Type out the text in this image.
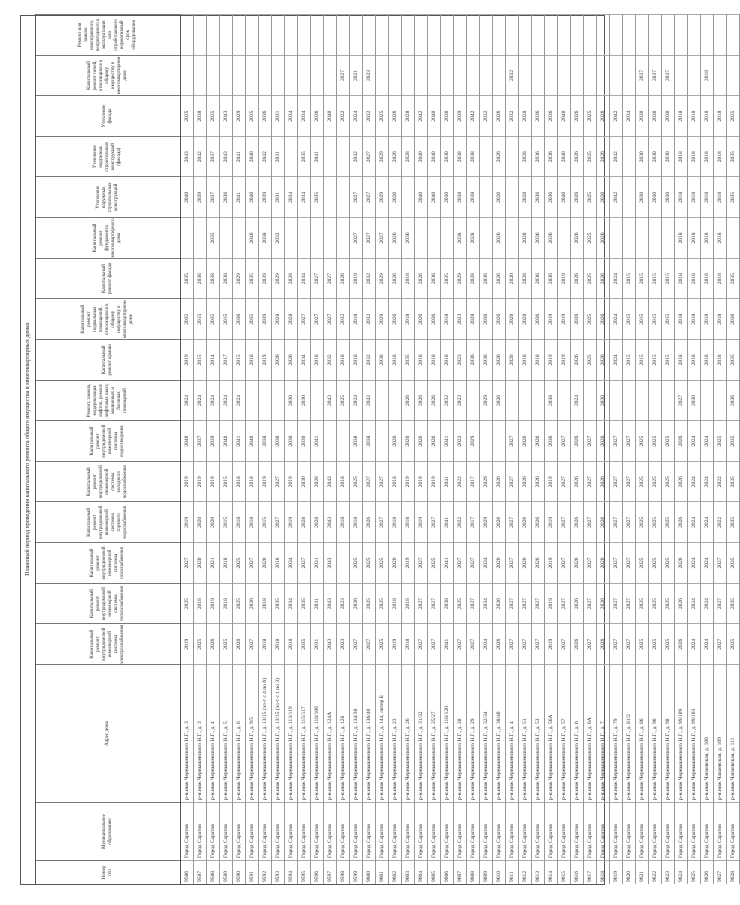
Плановый период проведения капитального ремонта общего имущества в многоквартирных домах
Номер п/п
Муниципальное образование
Адрес дома
Капитальный ремонт внутридомовой инженерной системы электроснабжения
Капитальный ремонт внутридомовой инженерной системы теплоснабжения
Капитальный ремонт внутридомовой инженерной системы газоснабжения
Капитальный ремонт внутридомовой инженерной системы горячего водоснабжения
Капитальный ремонт внутридомовой инженерной системы холодного водоснабжения
Капитальный ремонт внутридомовой инженерной системы водоотведения
Ремонт, замена, модернизация лифтов, ремонт лифтовых шахт, машинных и блочных помещений
Капитальный ремонт крыши
Капитальный ремонт подвальных помещений, относящихся к общему имуществу в многоквартирном доме
Капитальный ремонт фасада
Капитальный ремонт фундамента многоквартирного дома
Утепление наружных строительных конструкций
Утепление наружных строительных конструкций (фасада)
Утепление фасада
Капитальный ремонт печей, относящихся к общему имуществу в многоквартирном доме
Ремонт или замена неисправного, непригодного к эксплуатации или отработавшего нормативный срок оборудования
9586
Город Саратов
р-н.ниж Чернышевского Н.Г., д. 3
2019
2025
2027
2019
2019
2040
2024
2019
2035
2035
2040
2043
2035
9587
Город Саратов
р-н.ниж Чернышевского Н.Г., д. 3
2025
2018
2020
2020
2019
2037
2024
2015
2015
2036
2039
2042
2038
9588
Город Саратов
р-н.ниж Чернышевского Н.Г., д. 4
2026
2019
2021
2020
2019
2039
2024
2014
2035
2038
2035
2037
2037
2035
9589
Город Саратов
р-н.ниж Чернышевского Н.Г., д. 5
2025
2018
2018
2015
2015
2040
2024
2017
2015
2038
2036
2043
2043
9590
Город Саратов
р-н.ниж Чернышевского Н.Г., д. 6
2020
2025
2025
2018
2018
2041
2024
2015
2036
2029
2041
2041
2029
9591
Город Саратов
р-н.ниж Чернышевского Н.Г., д. 9/5
2027
2026
2027
2018
2018
2040
2018
2035
2035
2040
2040
2040
2035
9592
Город Саратов
р-н.ниж Чернышевского Н.Г., д. 13/15 (эл-т с 4 по 6)
2018
2018
2020
2015
2019
2038
2019
2039
2039
2038
2039
2042
2036
9593
Город Саратов
р-н.ниж Чернышевского Н.Г., д. 13/15 (эл-т с 1 по 3)
2018
2035
2018
2027
2027
2030
2026
2028
2029
2032
2031
2031
2031
9594
Город Саратов
р-н.ниж Чернышевского Н.Г., д. 113/119
2018
2034
2034
2019
2019
2030
2030
2026
2028
2028
2034
2034
9595
Город Саратов
р-н.ниж Чернышевского Н.Г., д. 115/117
2035
2035
2027
2028
2030
2030
2030
2034
2027
2034
2034
2035
2034
9596
Город Саратов
р-н.ниж Чернышевского Н.Г., д. 118/106
2031
2031
2031
2028
2028
2041
2018
2027
2027
2035
2041
2036
9597
Город Саратов
р-н.ниж Чернышевского Н.Г., д. 124А
2043
2043
2043
2043
2043
2043
2032
2027
2027
2040
9598
Город Саратов
р-н.ниж Чернышевского Н.Г., д. 128
2023
2023
2018
2018
2025
2018
2032
2026
2022
2027
9599
Город Саратов
р-н.ниж Чернышевского Н.Г., д. 134/38
2027
2026
2025
2018
2025
2038
2024
2018
2018
2019
2027
2027
2042
2024
2021
9600
Город Саратов
р-н.ниж Чернышевского Н.Г., д. 136/40
2027
2025
2025
2026
2027
2038
2043
2032
2032
2032
2027
2027
2027
2032
2023
9601
Город Саратов
р-н.ниж Чернышевского Н.Г., д. 144, литер Б
2025
2025
2025
2027
2027
2030
2029
2029
2027
2029
2029
2025
9602
Город Саратов
р-н.ниж Чернышевского Н.Г., д. 23
2019
2018
2026
2018
2018
2026
2018
2026
2026
2026
2026
2026
2026
9603
Город Саратов
р-н.ниж Чернышевского Н.Г., д. 26
2018
2018
2019
2018
2019
2026
2026
2035
2018
2018
2036
2028
2028
9604
Город Саратов
р-н.ниж Чернышевского Н.Г., д. 31/32
2027
2027
2027
2019
2019
2026
2026
2018
2026
2026
2040
2040
2042
9605
Город Саратов
р-н.ниж Чернышевского Н.Г., д. 25/27
2027
2027
2025
2027
2019
2026
2026
2018
2036
2036
2040
2040
2040
9606
Город Саратов
р-н.ниж Чернышевского Н.Г., д. 118/120
2041
2038
2041
2041
2041
2041
2032
2018
2018
2035
2030
2030
2030
9607
Город Саратов
р-н.ниж Чернышевского Н.Г., д. 28
2027
2025
2027
2022
2022
2022
2023
2023
2023
2029
2038
2038
2038
2039
9608
Город Саратов
р-н.ниж Чернышевского Н.Г., д. 29
2027
2027
2027
2017
2017
2029
2036
2028
2028
2028
2038
2038
2042
9609
Город Саратов
р-н.ниж Чернышевского Н.Г., д. 32/34
2034
2034
2034
2029
2029
2029
2036
2036
2036
2032
9610
Город Саратов
р-н.ниж Чернышевского Н.Г., д. 38/40
2026
2026
2026
2026
2026
2026
2026
2026
2026
2026
2026
2026
2026
9611
Город Саратов
р-н.ниж Чернышевского Н.Г., д. 4
2027
2027
2027
2027
2027
2027
2020
2020
2020
2032
2032
9612
Город Саратов
р-н.ниж Чернышевского Н.Г., д. 51
2027
2027
2026
2026
2026
2026
2018
2028
2028
2028
2028
2028
2028
9613
Город Саратов
р-н.ниж Чернышевского Н.Г., д. 53
2027
2027
2026
2026
2026
2026
2018
2036
2036
2036
2036
2036
2036
9614
Город Саратов
р-н.ниж Чернышевского Н.Г., д. 56А
2019
2019
2019
2019
2019
2036
2038
2019
2019
2036
2036
2036
2036
2036
9615
Город Саратов
р-н.ниж Чернышевского Н.Г., д. 57
2027
2027
2027
2027
2027
2027
2019
2019
2019
2040
2040
2040
9616
Город Саратов
р-н.ниж Чернышевского Н.Г., д. 6
2026
2026
2026
2026
2026
2026
2024
2026
2026
2026
2026
2026
2026
2026
9617
Город Саратов
р-н.ниж Чернышевского Н.Г., д. 6А
2027
2027
2027
2027
2027
2027
2025
2025
2025
2025
2025
2025
2025
9618
Город Саратов
р-н.ниж Чернышевского Н.Г., д. 7
2026
2026
2026
2026
2026
2026
2030
2026
2026
2026
2026
2026
2026
2026
9619
Город Саратов
р-н.ниж Чернышевского Н.Г., д. 79
2027
2027
2027
2027
2027
2027
2024
2024
2024
2042
2042
2042
9620
Город Саратов
р-н.ниж Чернышевского Н.Г., д. 81/2
2027
2027
2027
2027
2027
2027
2015
2015
2015
2034
9621
Город Саратов
р-н.ниж Чернышевского Н.Г., д. 86
2025
2025
2025
2025
2025
2025
2015
2015
2015
2030
2030
2030
2037
9622
Город Саратов
р-н.ниж Чернышевского Н.Г., д. 90
2025
2025
2025
2025
2025
2025
2015
2015
2015
2030
2030
2030
2037
9623
Город Саратов
р-н.ниж Чернышевского Н.Г., д. 98
2025
2025
2025
2025
2025
2025
2015
2015
2015
2030
2030
2030
2037
9624
Город Саратов
р-н.ниж Чернышевского Н.Г., д. 99/109
2026
2026
2026
2026
2026
2026
2027
2018
2018
2018
2018
2018
2018
2018
9625
Город Саратов
р-н.ниж Чернышевского Н.Г., д. 99/103
2024
2024
2024
2024
2024
2024
2030
2018
2018
2018
2018
2018
2018
2018
9626
Город Саратов
р-н.ниж Чапаевская, д. 106
2024
2024
2024
2024
2024
2024
2018
2018
2018
2018
2018
2018
2018
2018
9627
Город Саратов
р-н.ниж Чапаевская, д. 109
2027
2027
2027
2022
2022
2025
2018
2018
2018
2018
2018
2018
2018
9628
Город Саратов
р-н.ниж Чапаевская, д. 111
2035
2035
2035
2035
2035
2035
2036
2035
2036
2035
2035
2035
2035
